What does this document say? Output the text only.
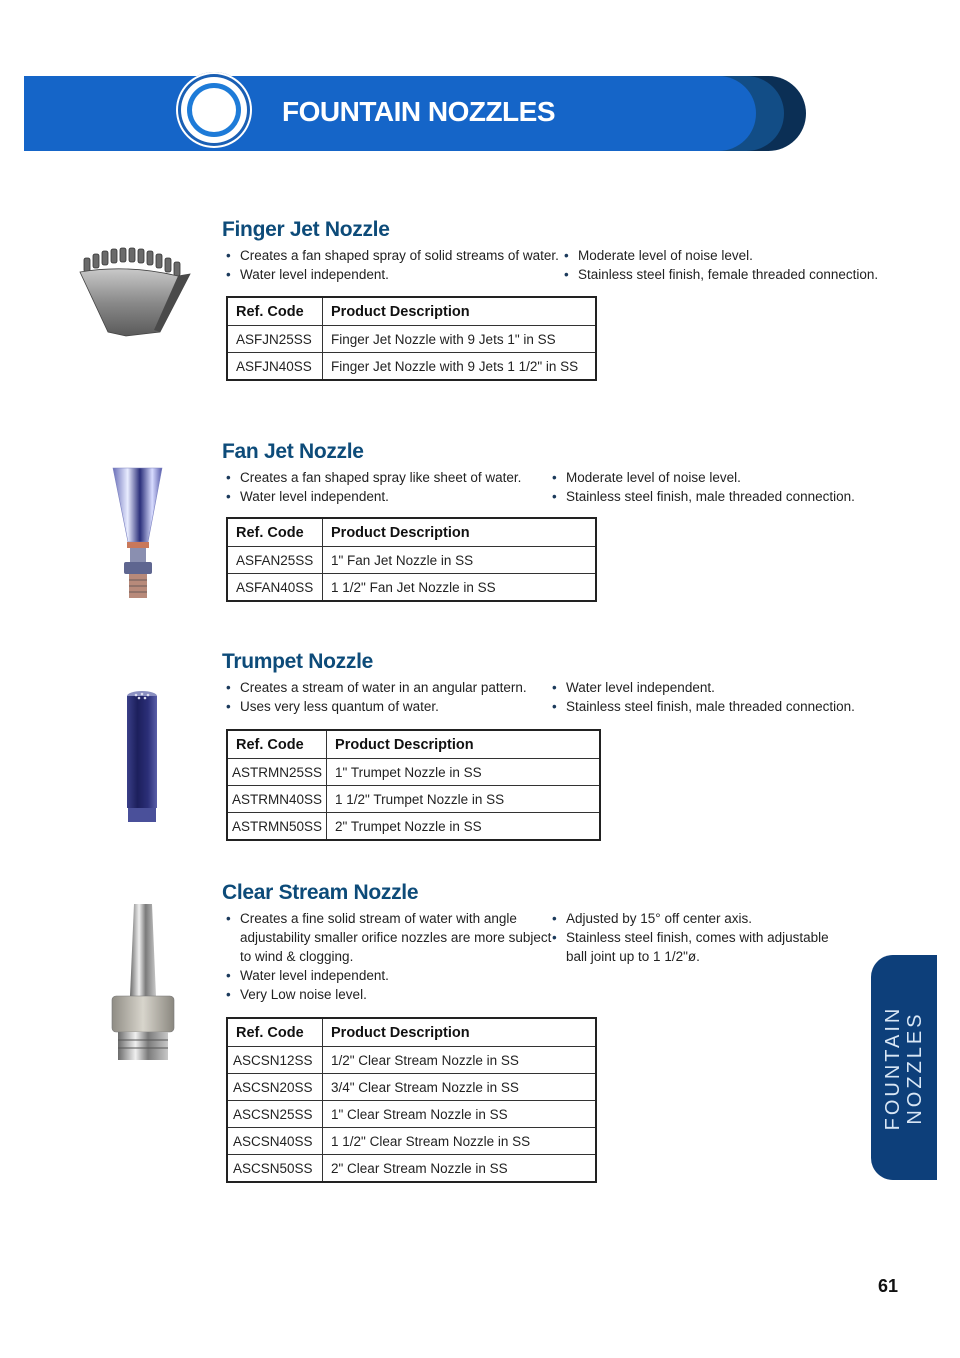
FOUNTAIN NOZZLES
Finger Jet Nozzle
• Creates a fan shaped spray of solid streams of water.
• Water level independent.
• Moderate level of noise level.
• Stainless steel finish, female threaded connection.
Ref. Code	Product Description
ASFJN25SS	Finger Jet Nozzle with 9 Jets 1" in SS
ASFJN40SS	Finger Jet Nozzle with 9 Jets 1 1/2" in SS
Fan Jet Nozzle
• Creates a fan shaped spray like sheet of water.
• Water level independent.
• Moderate level of noise level.
• Stainless steel finish, male threaded connection.
Ref. Code	Product Description
ASFAN25SS	1" Fan Jet Nozzle in SS
ASFAN40SS	1 1/2" Fan Jet Nozzle in SS
Trumpet Nozzle
• Creates a stream of water in an angular pattern.
• Uses very less quantum of water.
• Water level independent.
• Stainless steel finish, male threaded connection.
Ref. Code	Product Description
ASTRMN25SS	1" Trumpet Nozzle in SS
ASTRMN40SS	1 1/2" Trumpet Nozzle in SS
ASTRMN50SS	2" Trumpet Nozzle in SS
Clear Stream Nozzle
• Creates a fine solid stream of water with angle adjustability smaller orifice nozzles are more subject to wind & clogging.
• Water level independent.
• Very Low noise level.
• Adjusted by 15° off center axis.
• Stainless steel finish, comes with adjustable ball joint up to 1 1/2"ø.
Ref. Code	Product Description
ASCSN12SS	1/2" Clear Stream Nozzle in SS
ASCSN20SS	3/4" Clear Stream Nozzle in SS
ASCSN25SS	1" Clear Stream Nozzle in SS
ASCSN40SS	1 1/2" Clear Stream Nozzle in SS
ASCSN50SS	2" Clear Stream Nozzle in SS
FOUNTAIN NOZZLES
61
